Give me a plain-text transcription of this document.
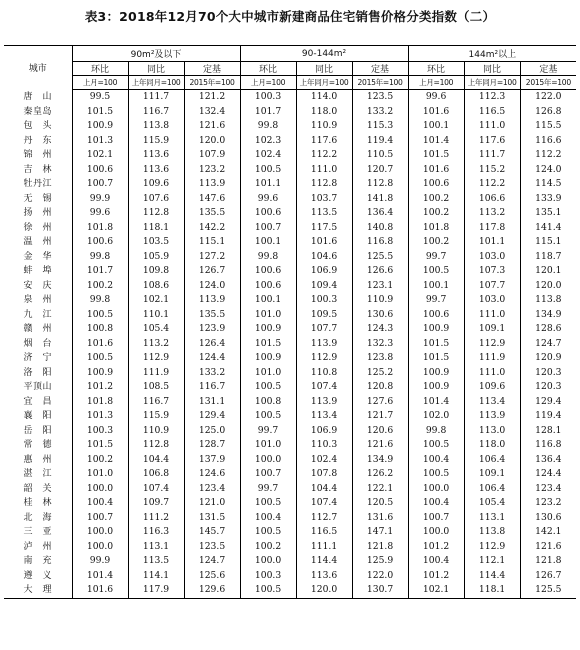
表3：2018年12月70个大中城市新建商品住宅销售价格分类指数（二）
城市	90m²及以下			90-144m²			144m²以上		
	环比	同比	定基	环比	同比	定基	环比	同比	定基
	上月=100	上年同月=100	2015年=100	上月=100	上年同月=100	2015年=100	上月=100	上年同月=100	2015年=100
唐　山	99.5	111.7	121.2	100.3	114.0	123.5	99.6	112.3	122.0
秦皇岛	101.5	116.7	132.4	101.7	118.0	133.2	101.6	116.5	126.8
包　头	100.9	113.8	121.6	99.8	110.9	115.3	100.1	111.0	115.5
丹　东	101.3	115.9	120.0	102.3	117.6	119.4	101.4	117.6	116.6
锦　州	102.1	113.6	107.9	102.4	112.2	110.5	101.5	111.7	112.2
吉　林	100.6	113.6	123.2	100.5	111.0	120.7	101.6	115.2	124.0
牡丹江	100.7	109.6	113.9	101.1	112.8	112.8	100.6	112.2	114.5
无　锡	99.9	107.6	147.6	99.6	103.7	141.8	100.2	106.6	133.9
扬　州	99.6	112.8	135.5	100.6	113.5	136.4	100.2	113.2	135.1
徐　州	101.8	118.1	142.2	100.7	117.5	140.8	101.8	117.8	141.4
温　州	100.6	103.5	115.1	100.1	101.6	116.8	100.2	101.1	115.1
金　华	99.8	105.9	127.2	99.8	104.6	125.5	99.7	103.0	118.7
蚌　埠	101.7	109.8	126.7	100.6	106.9	126.6	100.5	107.3	120.1
安　庆	100.2	108.6	124.0	100.6	109.4	123.1	100.1	107.7	120.0
泉　州	99.8	102.1	113.9	100.1	100.3	110.9	99.7	103.0	113.8
九　江	100.5	110.1	135.5	101.0	109.5	130.6	100.6	111.0	134.9
赣　州	100.8	105.4	123.9	100.9	107.7	124.3	100.9	109.1	128.6
烟　台	101.6	113.2	126.4	101.5	113.9	132.3	101.5	112.9	124.7
济　宁	100.5	112.9	124.4	100.9	112.9	123.8	101.5	111.9	120.9
洛　阳	100.9	111.9	133.2	101.0	110.8	125.2	100.9	111.0	120.3
平顶山	101.2	108.5	116.7	100.5	107.4	120.8	100.9	109.6	120.3
宜　昌	101.8	116.7	131.1	100.8	113.9	127.6	101.4	113.4	129.4
襄　阳	101.3	115.9	129.4	100.5	113.4	121.7	102.0	113.9	119.4
岳　阳	100.3	110.9	125.0	99.7	106.9	120.6	99.8	113.0	128.1
常　德	101.5	112.8	128.7	101.0	110.3	121.6	100.5	118.0	116.8
惠　州	100.2	104.4	137.9	100.0	102.4	134.9	100.4	106.4	136.4
湛　江	101.0	106.8	124.6	100.7	107.8	126.2	100.5	109.1	124.4
韶　关	100.0	107.4	123.4	99.7	104.4	122.1	100.0	106.4	123.4
桂　林	100.4	109.7	121.0	100.5	107.4	120.5	100.4	105.4	123.2
北　海	100.7	111.2	131.5	100.4	112.7	131.6	100.7	113.1	130.6
三　亚	100.0	116.3	145.7	100.5	116.5	147.1	100.0	113.8	142.1
泸　州	100.0	113.1	123.5	100.2	111.1	121.8	101.2	112.9	121.6
南　充	99.9	113.5	124.7	100.0	114.4	125.9	100.4	112.1	121.8
遵　义	101.4	114.1	125.6	100.3	113.6	122.0	101.2	114.4	126.7
大　理	101.6	117.9	129.6	100.5	120.0	130.7	102.1	118.1	125.5
